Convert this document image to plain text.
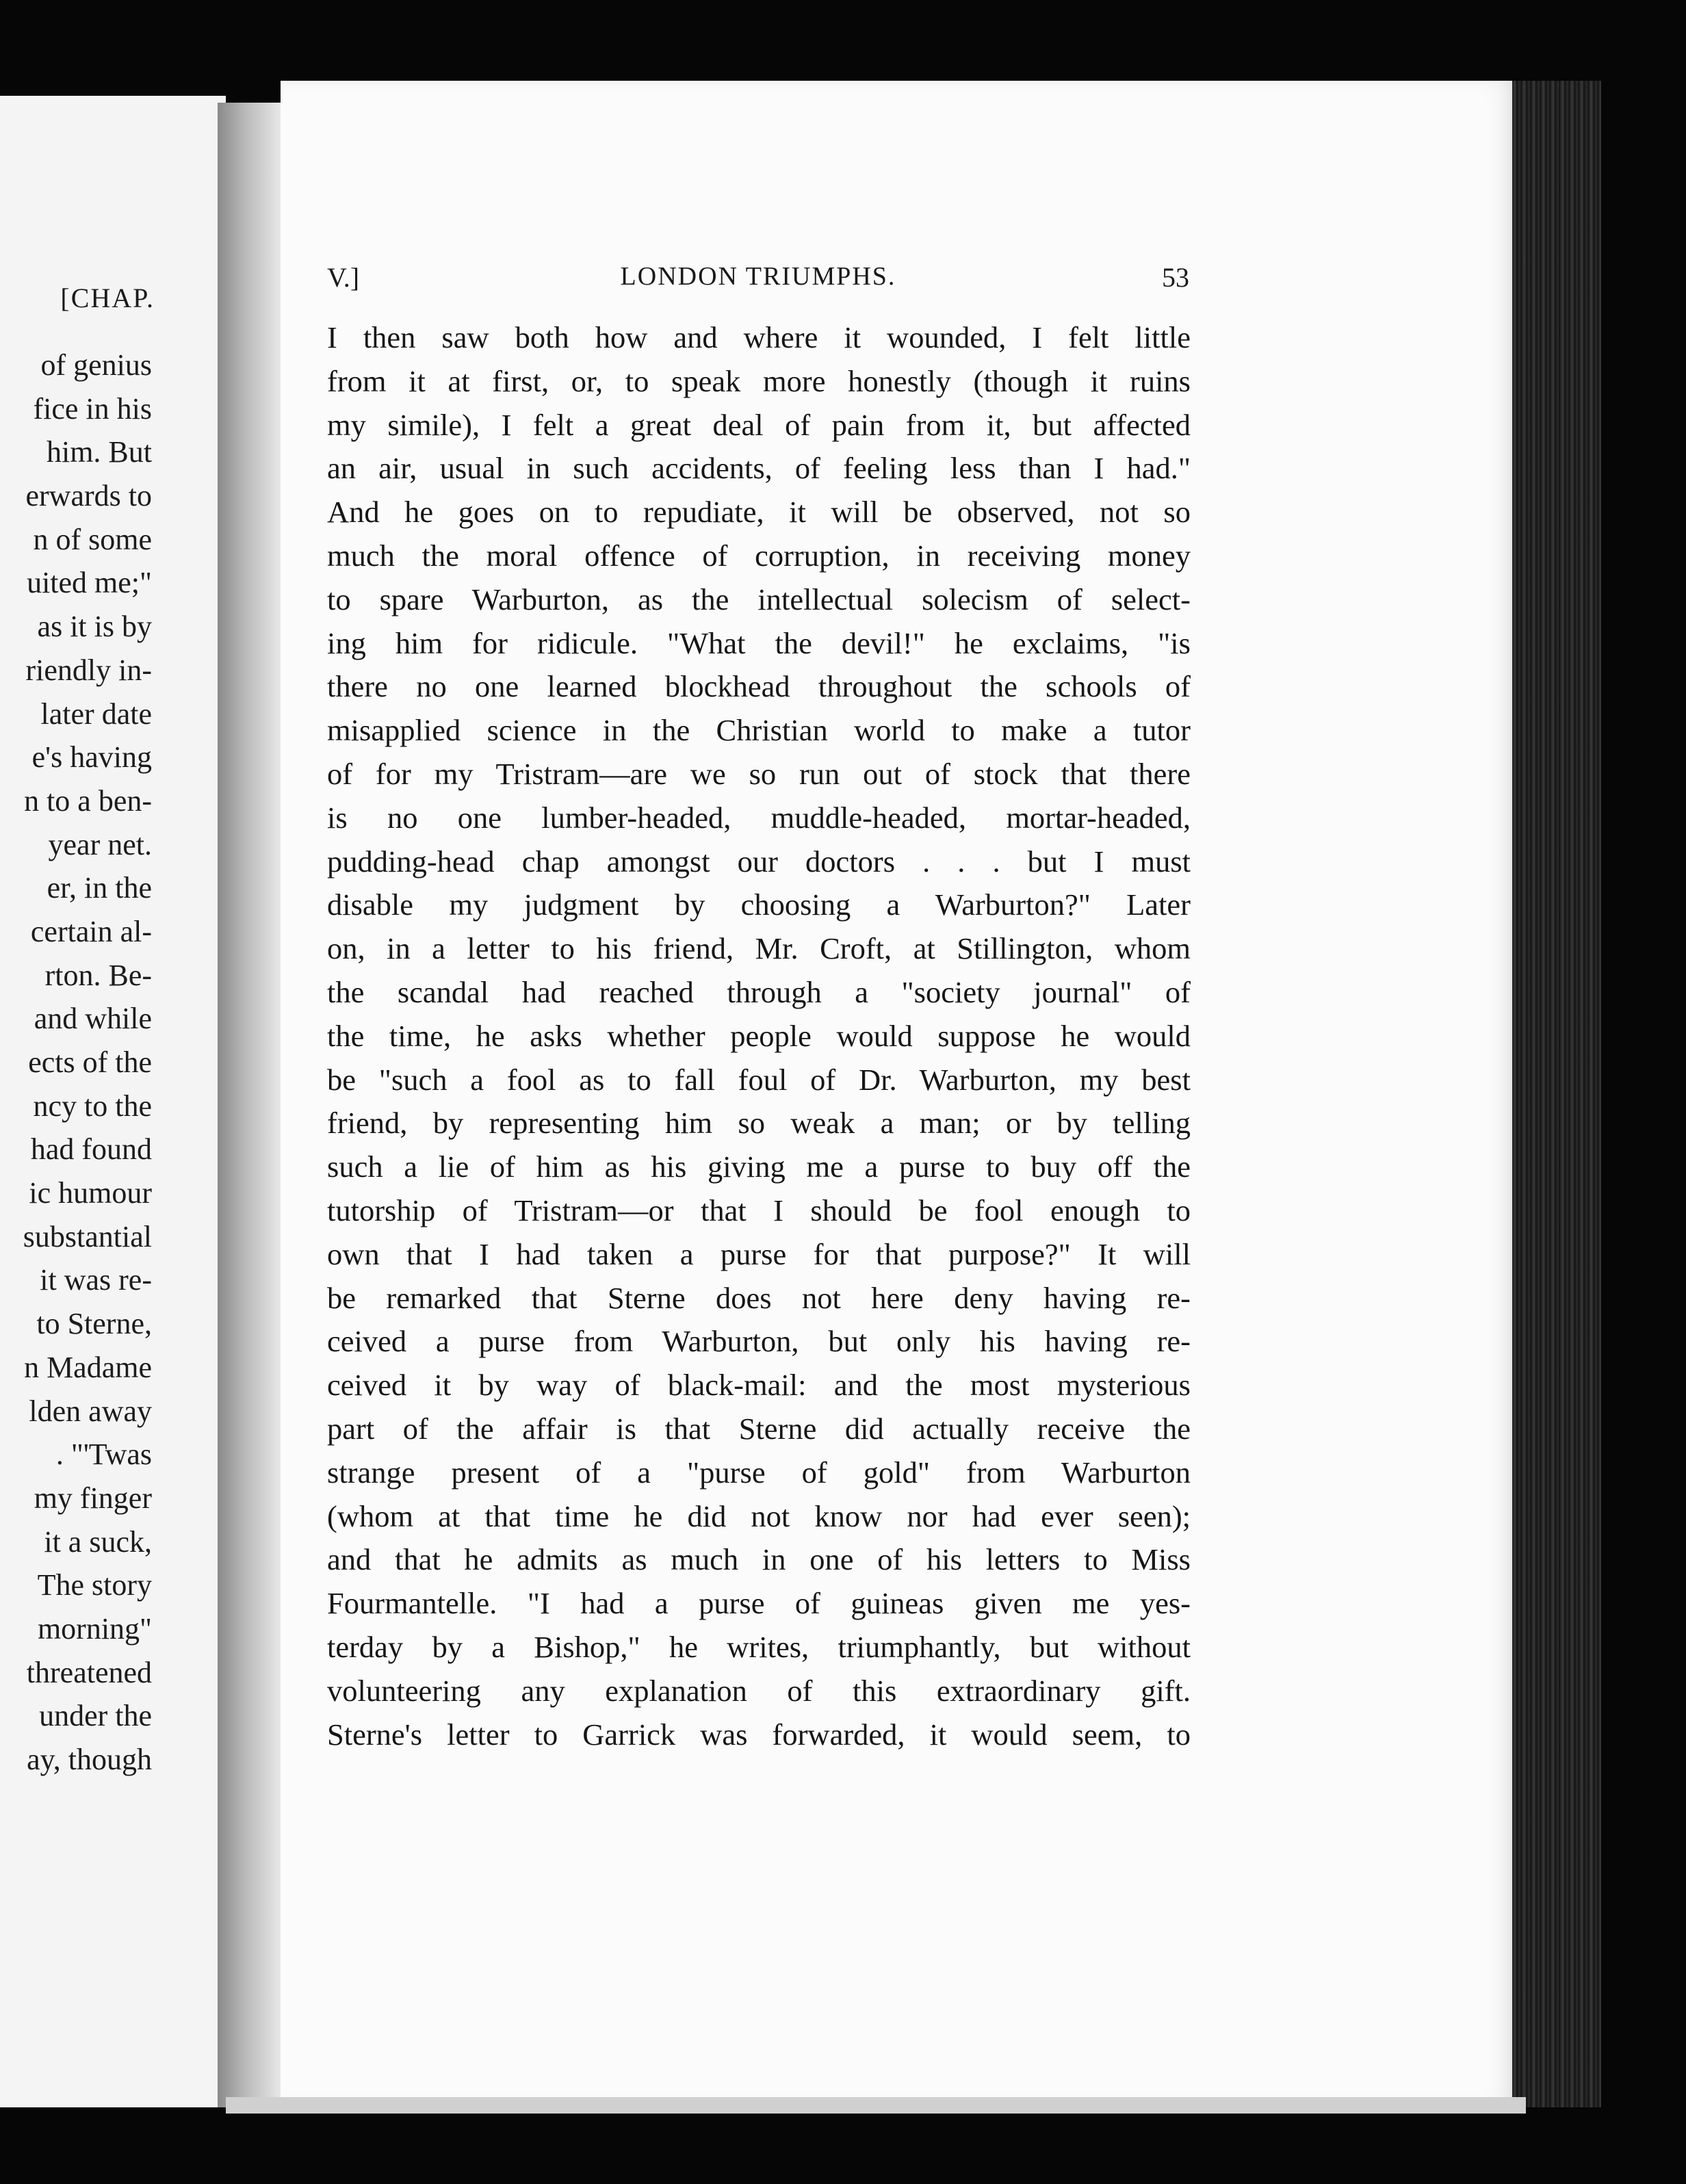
[CHAP.
of genius
fice in his
him. But
erwards to
n of some
uited me;"
as it is by
riendly in-
later date
e's having
n to a ben-
year net.
er, in the
certain al-
rton. Be-
and while
ects of the
ncy to the
had found
ic humour
substantial
it was re-
to Sterne,
n Madame
lden away
. "'Twas
my finger
it a suck,
The story
morning"
threatened
under the
ay, though
V.]	LONDON TRIUMPHS.	53
I then saw both how and where it wounded, I felt little
from it at first, or, to speak more honestly (though it ruins
my simile), I felt a great deal of pain from it, but affected
an air, usual in such accidents, of feeling less than I had."
And he goes on to repudiate, it will be observed, not so
much the moral offence of corruption, in receiving money
to spare Warburton, as the intellectual solecism of select-
ing him for ridicule. "What the devil!" he exclaims, "is
there no one learned blockhead throughout the schools of
misapplied science in the Christian world to make a tutor
of for my Tristram—are we so run out of stock that there
is no one lumber-headed, muddle-headed, mortar-headed,
pudding-head chap amongst our doctors . . . but I must
disable my judgment by choosing a Warburton?" Later
on, in a letter to his friend, Mr. Croft, at Stillington, whom
the scandal had reached through a "society journal" of
the time, he asks whether people would suppose he would
be "such a fool as to fall foul of Dr. Warburton, my best
friend, by representing him so weak a man; or by telling
such a lie of him as his giving me a purse to buy off the
tutorship of Tristram—or that I should be fool enough to
own that I had taken a purse for that purpose?" It will
be remarked that Sterne does not here deny having re-
ceived a purse from Warburton, but only his having re-
ceived it by way of black-mail: and the most mysterious
part of the affair is that Sterne did actually receive the
strange present of a "purse of gold" from Warburton
(whom at that time he did not know nor had ever seen);
and that he admits as much in one of his letters to Miss
Fourmantelle. "I had a purse of guineas given me yes-
terday by a Bishop," he writes, triumphantly, but without
volunteering any explanation of this extraordinary gift.
Sterne's letter to Garrick was forwarded, it would seem, to
